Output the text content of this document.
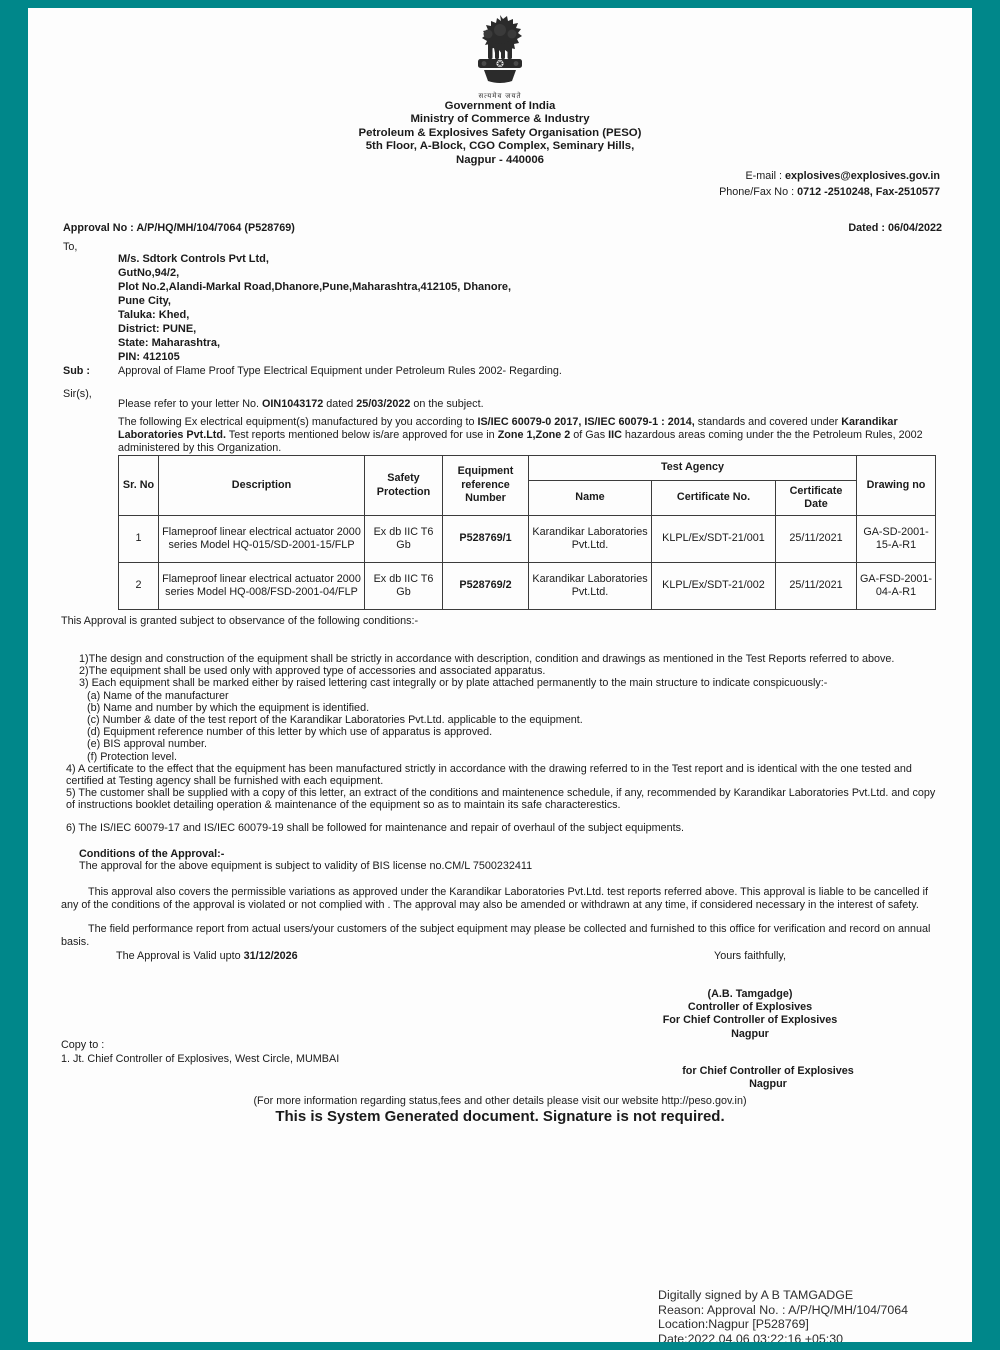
सत्यमेव जयते
Government of India
Ministry of Commerce & Industry
Petroleum & Explosives Safety Organisation (PESO)
5th Floor, A-Block, CGO Complex, Seminary Hills,
Nagpur - 440006
E-mail : explosives@explosives.gov.in
Phone/Fax No : 0712 -2510248, Fax-2510577
Approval No : A/P/HQ/MH/104/7064 (P528769)	Dated : 06/04/2022
To,
M/s. Sdtork Controls Pvt Ltd,
GutNo,94/2,
Plot No.2,Alandi-Markal Road,Dhanore,Pune,Maharashtra,412105, Dhanore,
Pune City,
Taluka: Khed,
District: PUNE,
State: Maharashtra,
PIN: 412105
Sub :	Approval of Flame Proof Type Electrical Equipment under Petroleum Rules 2002- Regarding.
Sir(s),
Please refer to your letter No. OIN1043172 dated 25/03/2022 on the subject.
The following Ex electrical equipment(s) manufactured by you according to IS/IEC 60079-0 2017, IS/IEC 60079-1 : 2014, standards and covered under Karandikar Laboratories Pvt.Ltd. Test reports mentioned below is/are approved for use in Zone 1,Zone 2 of Gas IIC hazardous areas coming under the the Petroleum Rules, 2002 administered by this Organization.
Sr. No	Description	Safety Protection	Equipment reference Number	Test Agency			Drawing no
				Name	Certificate No.	Certificate Date	
1	Flameproof linear electrical actuator 2000 series Model HQ-015/SD-2001-15/FLP	Ex db IIC T6 Gb	P528769/1	Karandikar Laboratories Pvt.Ltd.	KLPL/Ex/SDT-21/001	25/11/2021	GA-SD-2001-15-A-R1
2	Flameproof linear electrical actuator 2000 series Model HQ-008/FSD-2001-04/FLP	Ex db IIC T6 Gb	P528769/2	Karandikar Laboratories Pvt.Ltd.	KLPL/Ex/SDT-21/002	25/11/2021	GA-FSD-2001-04-A-R1
This Approval is granted subject to observance of the following conditions:-
1)The design and construction of the equipment shall be strictly in accordance with description, condition and drawings as mentioned in the Test Reports referred to above.
2)The equipment shall be used only with approved type of accessories and associated apparatus.
3) Each equipment shall be marked either by raised lettering cast integrally or by plate attached permanently to the main structure to indicate conspicuously:-
(a) Name of the manufacturer
(b) Name and number by which the equipment is identified.
(c) Number & date of the test report of the Karandikar Laboratories Pvt.Ltd. applicable to the equipment.
(d) Equipment reference number of this letter by which use of apparatus is approved.
(e) BIS approval number.
(f) Protection level.
4) A certificate to the effect that the equipment has been manufactured strictly in accordance with the drawing referred to in the Test report and is identical with the one tested and certified at Testing agency shall be furnished with each equipment.
5) The customer shall be supplied with a copy of this letter, an extract of the conditions and maintenence schedule, if any, recommended by Karandikar Laboratories Pvt.Ltd. and copy of instructions booklet detailing operation & maintenance of the equipment so as to maintain its safe characterestics.
6) The IS/IEC 60079-17 and IS/IEC 60079-19 shall be followed for maintenance and repair of overhaul of the subject equipments.
Conditions of the Approval:-
The approval for the above equipment is subject to validity of BIS license no.CM/L 7500232411
This approval also covers the permissible variations as approved under the Karandikar Laboratories Pvt.Ltd. test reports referred above. This approval is liable to be cancelled if any of the conditions of the approval is violated or not complied with . The approval may also be amended or withdrawn at any time, if considered necessary in the interest of safety.
The field performance report from actual users/your customers of the subject equipment may please be collected and furnished to this office for verification and record on annual basis.
The Approval is Valid upto 31/12/2026	Yours faithfully,
(A.B. Tamgadge)
Controller of Explosives
For Chief Controller of Explosives
Nagpur
Copy to :
1. Jt. Chief Controller of Explosives, West Circle, MUMBAI
for Chief Controller of Explosives
Nagpur
(For more information regarding status,fees and other details please visit our website http://peso.gov.in)
This is System Generated document. Signature is not required.
Digitally signed by A B TAMGADGE
Reason: Approval No. : A/P/HQ/MH/104/7064
Location:Nagpur [P528769]
Date:2022.04.06 03:22:16 +05:30
